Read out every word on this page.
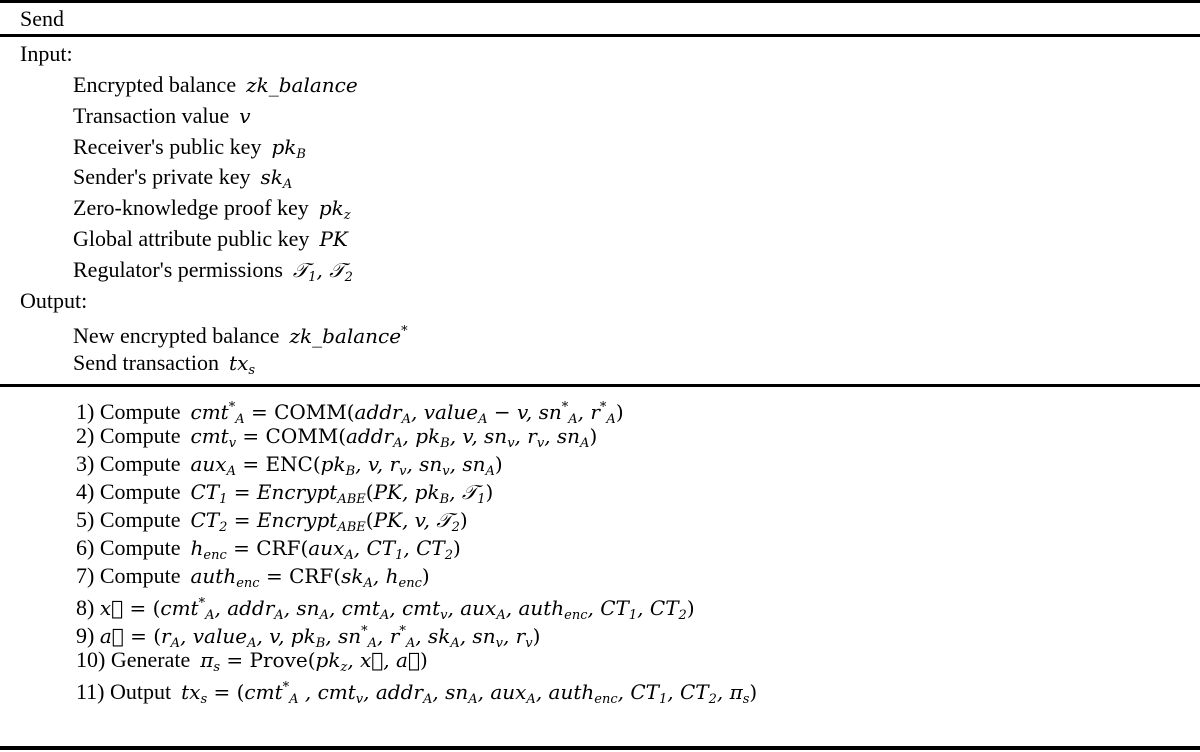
Send
Input:
Encrypted balance zk_balance
Transaction value v
Receiver's public key $pk_B$
Sender's private key $sk_A$
Zero-knowledge proof key $pk_z$
Global attribute public key PK
Regulator's permissions 𝒯$_1$, 𝒯$_2$
Output:
New encrypted balance zk_balance*
Send transaction $tx_s$
1) Compute cmt*$_A$ = COMM(addr$_A$, value$_A$ − v, $sn^*_A$, $r^*_A$)
2) Compute cmt$_v$ = COMM(addr$_A$, $pk_B$, v, $sn_v$, $r_v$, $sn_A$)
3) Compute $aux_A = ENC(pk_B$, v, $r_v$, $sn_v$, $sn_A$)
4) Compute $CT_1$ = Encrypt$_{ABE}$(PK, $pk_B$, 𝒯$_1$)
5) Compute $CT_2$ = Encrypt$_{ABE}$(PK, v, 𝒯$_2$)
6) Compute $h_{enc} = CRF(aux_A$, $CT_1$, $CT_2$)
7) Compute auth$_{enc}$ = $CRF(sk_A$, $h_{enc}$)
8) x⃗ = (cmt*$_A$, addr$_A$, $sn_A$, cmt$_A$, cmt$_v$, aux$_A$, auth$_{enc}$, $CT_1$, $CT_2$)
9) a⃗ = ($r_A$, value$_A$, v, $pk_B$, $sn^*_A$, $r^*_A$, $sk_A$, $sn_v$, $r_v$)
10) Generate $\pi_s$ = $Prove(pk_z$, x⃗, a⃗)
11) Output $tx_s = (cmt^*_A$ , cmt$_v$, addr$_A$, $sn_A$, aux$_A$, auth$_{enc}$, $CT_1$, $CT_2$, $\pi_s$)
